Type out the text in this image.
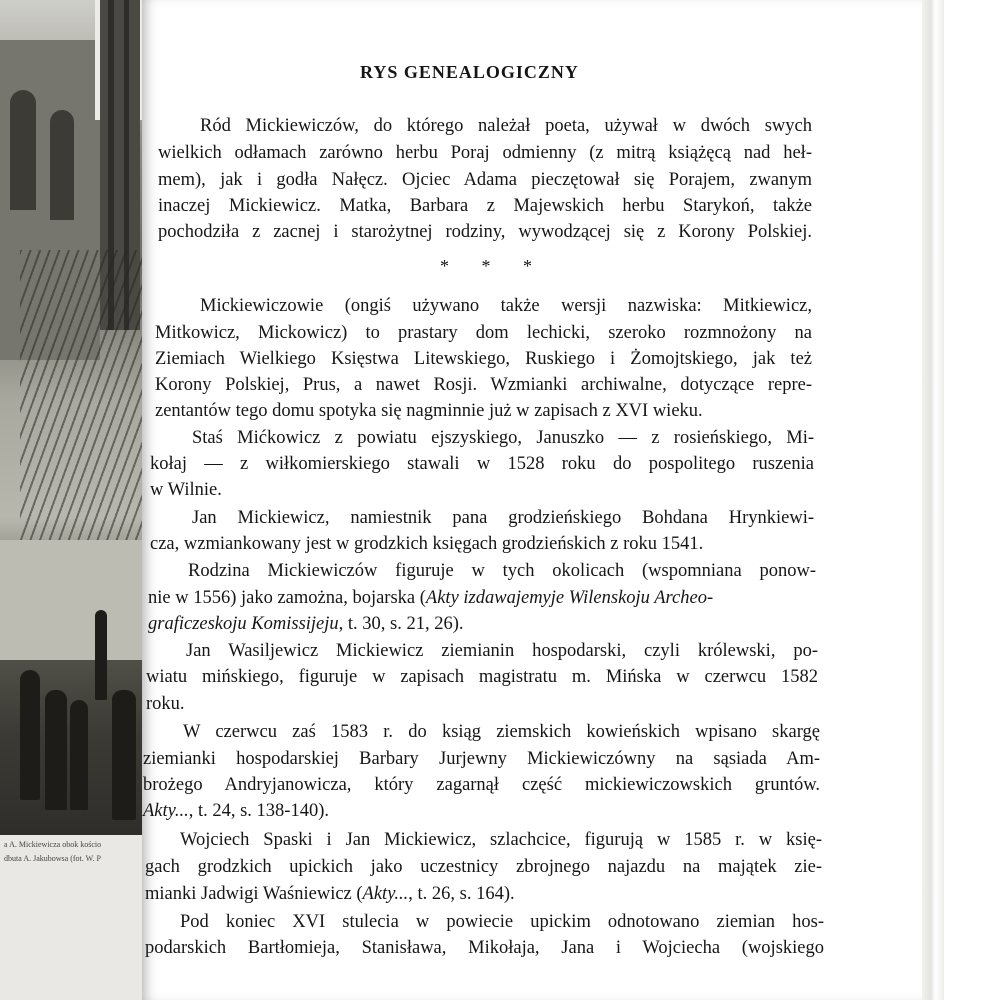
a A. Mickiewicza obok kościo
dbuta A. Jakubowsa (fot. W. P
RYS GENEALOGICZNY
Ród Mickiewiczów, do którego należał poeta, używał w dwóch swych
wielkich odłamach zarówno herbu Poraj odmienny (z mitrą książęcą nad heł-
mem), jak i godła Nałęcz. Ojciec Adama pieczętował się Porajem, zwanym
inaczej Mickiewicz. Matka, Barbara z Majewskich herbu Starykoń, także
pochodziła z zacnej i starożytnej rodziny, wywodzącej się z Korony Polskiej.
* * *
Mickiewiczowie (ongiś używano także wersji nazwiska: Mitkiewicz,
Mitkowicz, Mickowicz) to prastary dom lechicki, szeroko rozmnożony na
Ziemiach Wielkiego Księstwa Litewskiego, Ruskiego i Żomojtskiego, jak też
Korony Polskiej, Prus, a nawet Rosji. Wzmianki archiwalne, dotyczące repre-
zentantów tego domu spotyka się nagminnie już w zapisach z XVI wieku.
Staś Mićkowicz z powiatu ejszyskiego, Januszko — z rosieńskiego, Mi-
kołaj — z wiłkomierskiego stawali w 1528 roku do pospolitego ruszenia
w Wilnie.
Jan Mickiewicz, namiestnik pana grodzieńskiego Bohdana Hrynkiewi-
cza, wzmiankowany jest w grodzkich księgach grodzieńskich z roku 1541.
Rodzina Mickiewiczów figuruje w tych okolicach (wspomniana ponow-
nie w 1556) jako zamożna, bojarska (Akty izdawajemyje Wilenskoju Archeo-
graficzeskoju Komissijeju, t. 30, s. 21, 26).
Jan Wasiljewicz Mickiewicz ziemianin hospodarski, czyli królewski, po-
wiatu mińskiego, figuruje w zapisach magistratu m. Mińska w czerwcu 1582
roku.
W czerwcu zaś 1583 r. do ksiąg ziemskich kowieńskich wpisano skargę
ziemianki hospodarskiej Barbary Jurjewny Mickiewiczówny na sąsiada Am-
brożego Andryjanowicza, który zagarnął część mickiewiczowskich gruntów.
Akty..., t. 24, s. 138-140).
Wojciech Spaski i Jan Mickiewicz, szlachcice, figurują w 1585 r. w księ-
gach grodzkich upickich jako uczestnicy zbrojnego najazdu na majątek zie-
mianki Jadwigi Waśniewicz (Akty..., t. 26, s. 164).
Pod koniec XVI stulecia w powiecie upickim odnotowano ziemian hos-
podarskich Bartłomieja, Stanisława, Mikołaja, Jana i Wojciecha (wojskiego
